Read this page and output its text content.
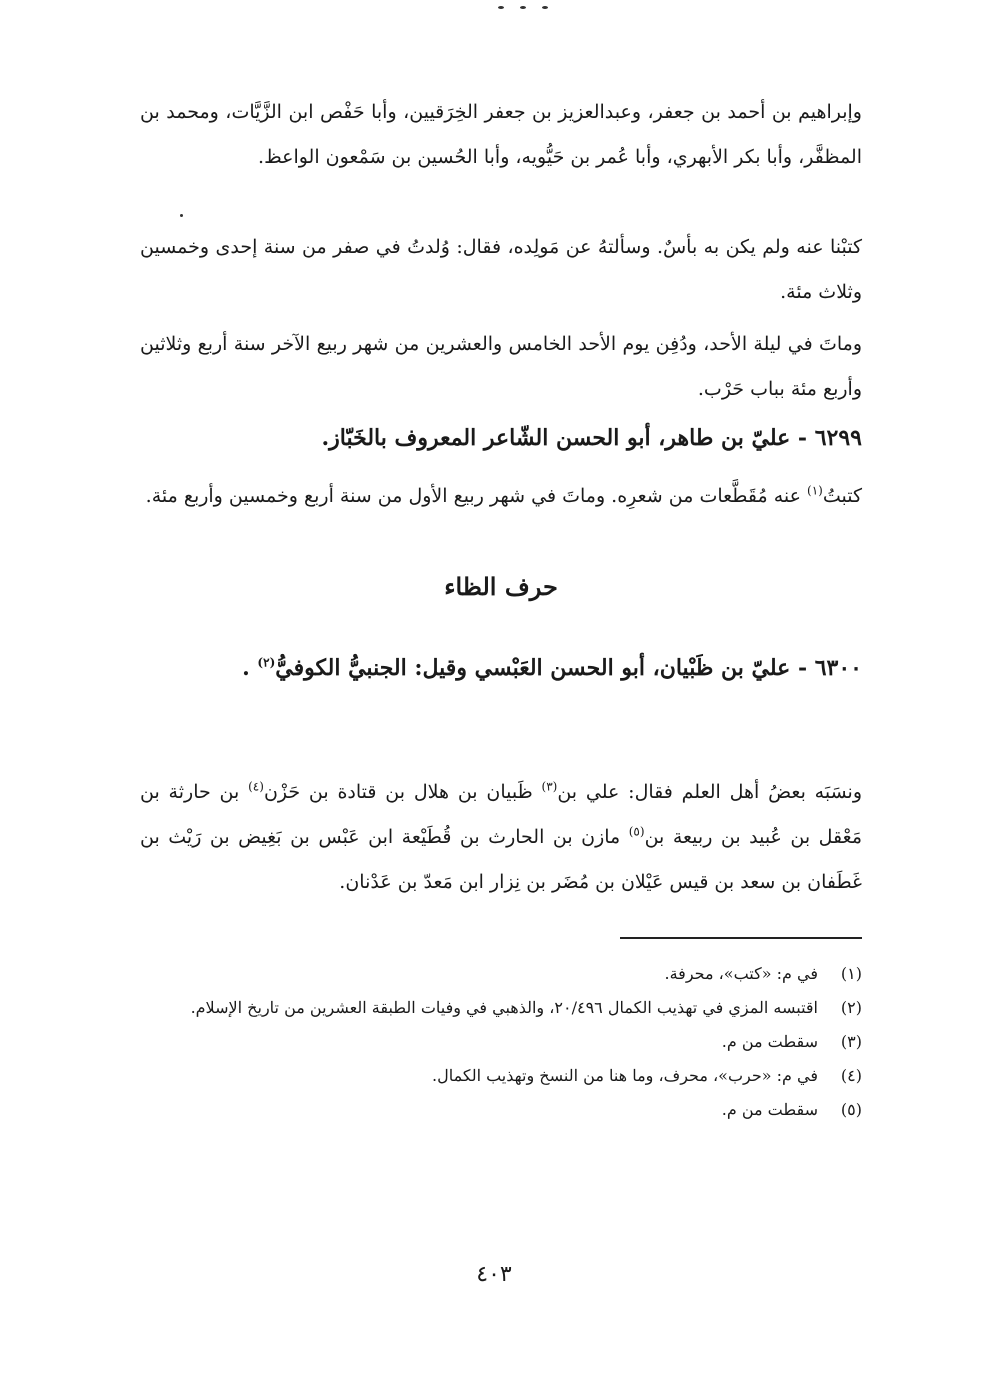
وإبراهيم بن أحمد بن جعفر، وعبدالعزيز بن جعفر الخِرَقيين، وأبا حَفْص ابن الزَّيَّات، ومحمد بن المظفَّر، وأبا بكر الأبهري، وأبا عُمر بن حَيُّويه، وأبا الحُسين بن سَمْعون الواعظ.

كتبْنا عنه ولم يكن به بأسٌ. وسألتهُ عن مَولِده، فقال: وُلدتُ في صفر من سنة إحدى وخمسين وثلاث مئة.

وماتَ في ليلة الأحد، ودُفِن يوم الأحد الخامس والعشرين من شهر ربيع الآخر سنة أربع وثلاثين وأربع مئة بباب حَرْب.

٦٢٩٩ - عليّ بن طاهر، أبو الحسن الشّاعر المعروف بالخَبّاز.

كتبتُ$^{(١)}$ عنه مُقَطَّعات من شعرِه. وماتَ في شهر ربيع الأول من سنة أربع وخمسين وأربع مئة.

حرف الظاء
٦٣٠٠ - عليّ بن ظَبْيان، أبو الحسن العَبْسي وقيل: الجنبيُّ الكوفيُّ$^{(٢)}$ .

ونسَبَه بعضُ أهل العلم فقال: علي بن$^{(٣)}$ ظَبيان بن هلال بن قتادة بن حَزْن$^{(٤)}$ بن حارثة بن مَعْقل بن عُبيد بن ربيعة بن$^{(٥)}$ مازن بن الحارث بن قُطَيْعة ابن عَبْس بن بَغِيض بن رَيْث بن غَطَفان بن سعد بن قيس عَيْلان بن مُضَر بن نِزار ابن مَعدّ بن عَدْنان.

(١)
في م: «كتب»، محرفة.
(٢)
اقتبسه المزي في تهذيب الكمال ٢٠/٤٩٦، والذهبي في وفيات الطبقة العشرين من تاريخ الإسلام.
(٣)
سقطت من م.
(٤)
في م: «حرب»، محرف، وما هنا من النسخ وتهذيب الكمال.
(٥)
سقطت من م.
٤٠٣
